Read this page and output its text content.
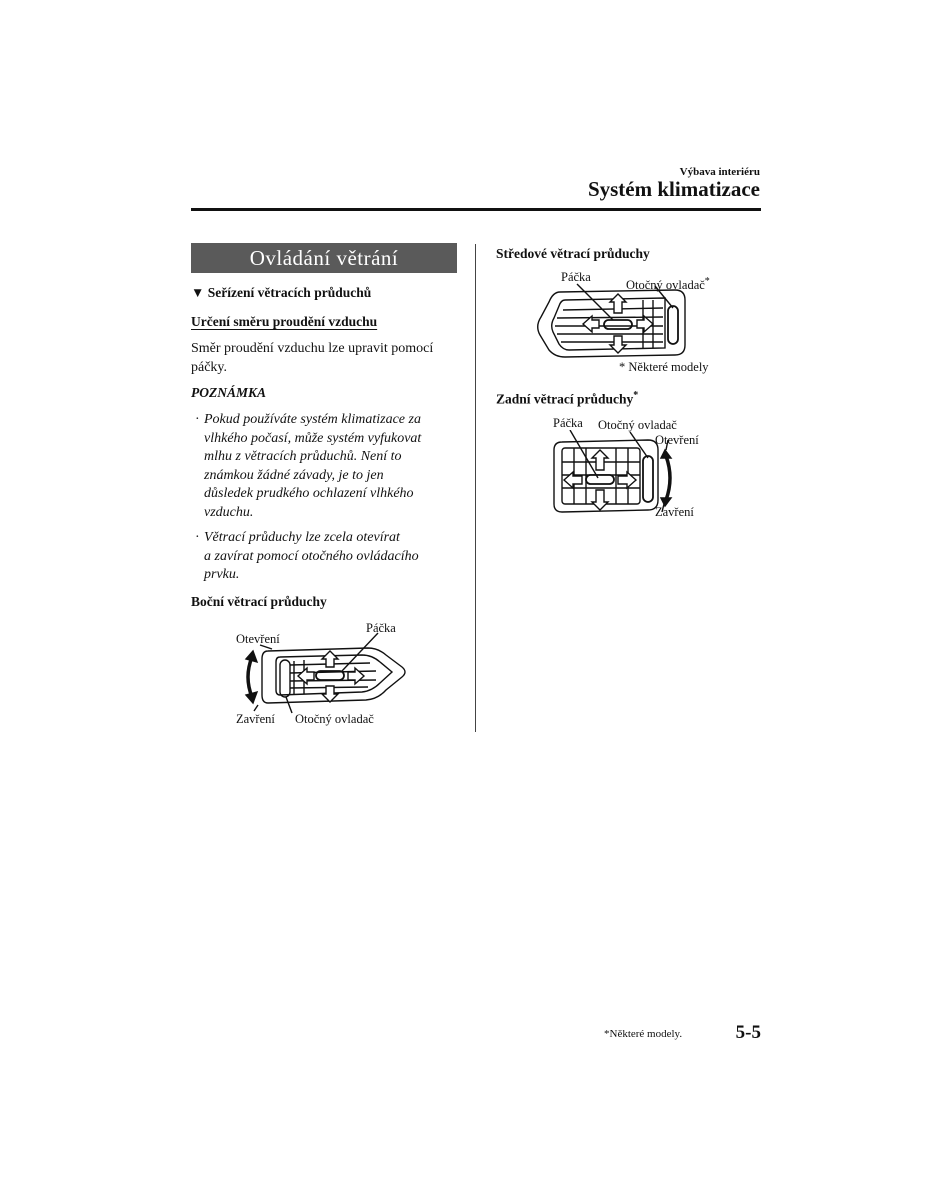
Výbava interiéru
Systém klimatizace
Ovládání větrání
▼ Seřízení větracích průduchů
Určení směru proudění vzduchu
Směr proudění vzduchu lze upravit pomocí páčky.
POZNÁMKA
· Pokud používáte systém klimatizace za
vlhkého počasí, může systém vyfukovat
mlhu z větracích průduchů. Není to
známkou žádné závady, je to jen
důsledek prudkého ochlazení vlhkého
vzduchu.
· Větrací průduchy lze zcela otevírat
a zavírat pomocí otočného ovládacího
prvku.
Boční větrací průduchy
Otevření
Páčka
Zavření Otočný ovladač
Středové větrací průduchy
Páčka
Otočný ovladač*
* Některé modely
Zadní větrací průduchy*
Páčka Otočný ovladač
Otevření
Zavření
*Některé modely.	5-5
